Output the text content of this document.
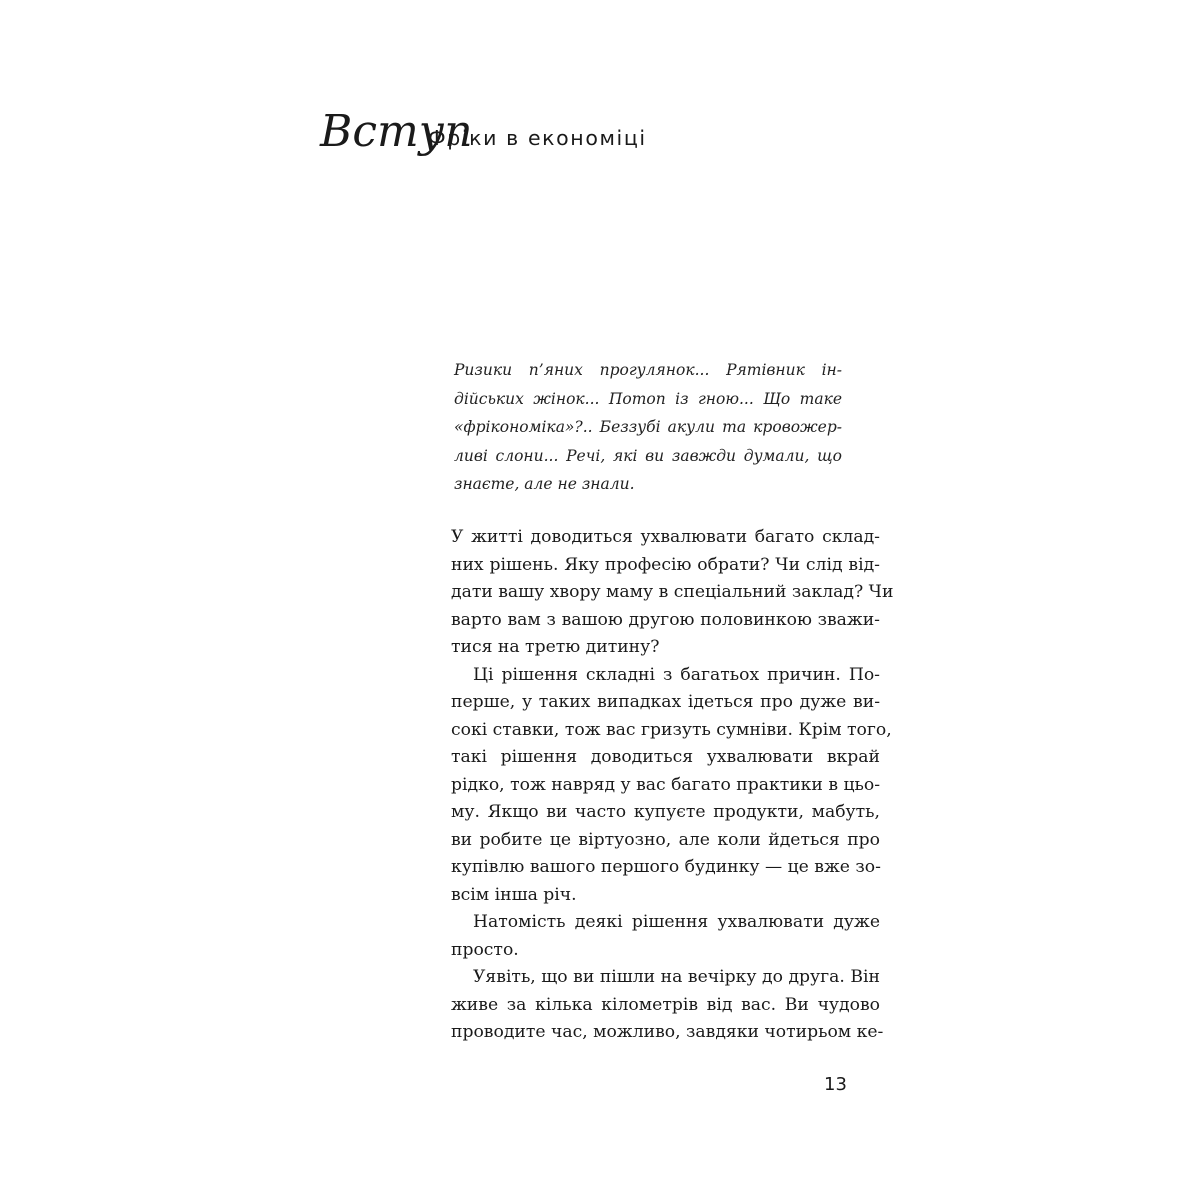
Вступ
Фріки в економіці
Ризики п’яних прогулянок... Рятівник ін-
дійських жінок... Потоп із гною... Що таке
«фрікономіка»?.. Беззубі акули та кровожер-
ливі слони... Речі, які ви завжди думали, що
знаєте, але не знали.
У житті доводиться ухвалювати багато склад-
них рішень. Яку професію обрати? Чи слід від-
дати вашу хвору маму в спеціальний заклад? Чи
варто вам з вашою другою половинкою зважи-
тися на третю дитину?
Ці рішення складні з багатьох причин. По-
перше, у таких випадках ідеться про дуже ви-
сокі ставки, тож вас гризуть сумніви. Крім того,
такі рішення доводиться ухвалювати вкрай
рідко, тож навряд у вас багато практики в цьо-
му. Якщо ви часто купуєте продукти, мабуть,
ви робите це віртуозно, але коли йдеться про
купівлю вашого першого будинку — це вже зо-
всім інша річ.
Натомість деякі рішення ухвалювати дуже
просто.
Уявіть, що ви пішли на вечірку до друга. Він
живе за кілька кілометрів від вас. Ви чудово
проводите час, можливо, завдяки чотирьом ке-
13
